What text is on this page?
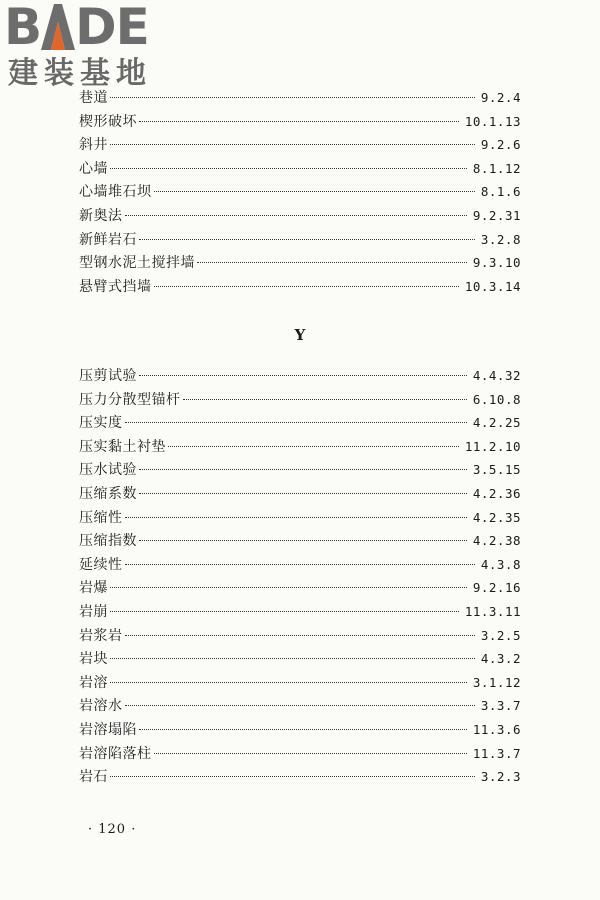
B DE
建装基地
巷道	9.2.4
楔形破坏	10.1.13
斜井	9.2.6
心墙	8.1.12
心墙堆石坝	8.1.6
新奥法	9.2.31
新鲜岩石	3.2.8
型钢水泥土搅拌墙	9.3.10
悬臂式挡墙	10.3.14
Y
压剪试验	4.4.32
压力分散型锚杆	6.10.8
压实度	4.2.25
压实黏土衬垫	11.2.10
压水试验	3.5.15
压缩系数	4.2.36
压缩性	4.2.35
压缩指数	4.2.38
延续性	4.3.8
岩爆	9.2.16
岩崩	11.3.11
岩浆岩	3.2.5
岩块	4.3.2
岩溶	3.1.12
岩溶水	3.3.7
岩溶塌陷	11.3.6
岩溶陷落柱	11.3.7
岩石	3.2.3
· 120 ·
